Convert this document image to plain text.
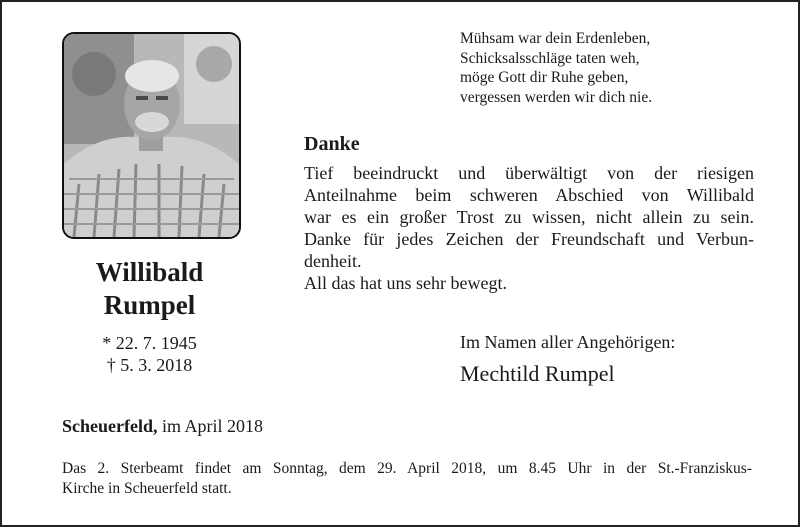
Willibald
Rumpel
* 22. 7. 1945
† 5. 3. 2018
Mühsam war dein Erdenleben,
Schicksalsschläge taten weh,
möge Gott dir Ruhe geben,
vergessen werden wir dich nie.
Danke
Tief beeindruckt und überwältigt von der riesigen
Anteilnahme beim schweren Abschied von Willibald
war es ein großer Trost zu wissen, nicht allein zu sein.
Danke für jedes Zeichen der Freundschaft und Verbun-
denheit.
All das hat uns sehr bewegt.
Im Namen aller Angehörigen:
Mechtild Rumpel
Scheuerfeld, im April 2018
Das 2. Sterbeamt findet am Sonntag, dem 29. April 2018, um 8.45 Uhr in der St.-Franziskus-
Kirche in Scheuerfeld statt.
